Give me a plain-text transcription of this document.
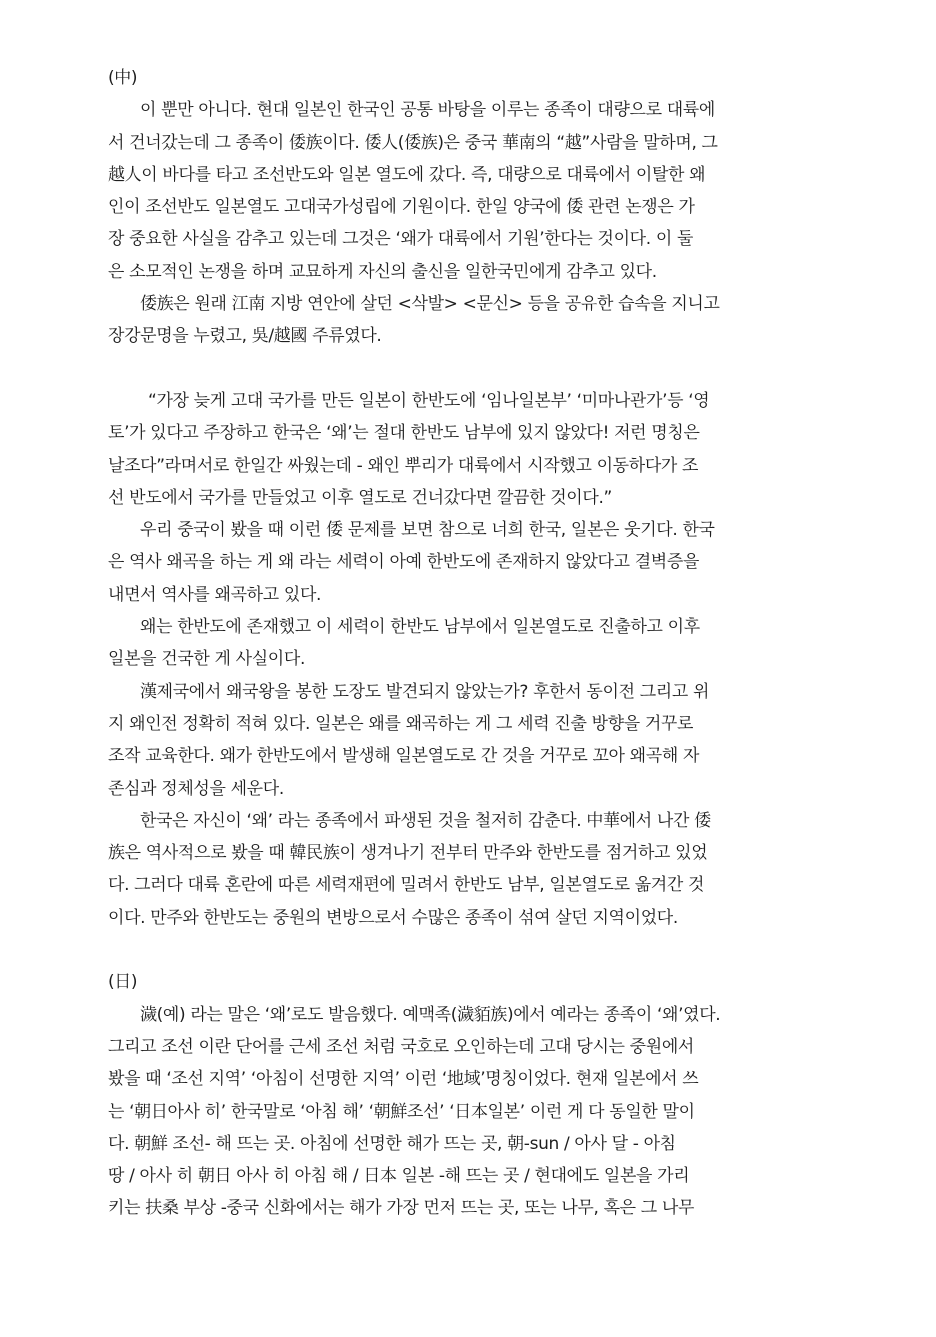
(中)
이 뿐만 아니다. 현대 일본인 한국인 공통 바탕을 이루는 종족이 대량으로 대륙에
서 건너갔는데 그 종족이 倭族이다. 倭人(倭族)은 중국 華南의 “越”사람을 말하며, 그
越人이 바다를 타고 조선반도와 일본 열도에 갔다. 즉, 대량으로 대륙에서 이탈한 왜
인이 조선반도 일본열도 고대국가성립에 기원이다. 한일 양국에 倭 관련 논쟁은 가
장 중요한 사실을 감추고 있는데 그것은 ‘왜가 대륙에서 기원’한다는 것이다. 이 둘
은 소모적인 논쟁을 하며 교묘하게 자신의 출신을 일한국민에게 감추고 있다.
倭族은 원래 江南 지방 연안에 살던 <삭발> <문신> 등을 공유한 습속을 지니고
장강문명을 누렸고, 吳/越國 주류였다.
“가장 늦게 고대 국가를 만든 일본이 한반도에 ‘임나일본부’ ‘미마나관가’등 ‘영
토’가 있다고 주장하고 한국은 ‘왜’는 절대 한반도 남부에 있지 않았다! 저런 명칭은
날조다”라며서로 한일간 싸웠는데 - 왜인 뿌리가 대륙에서 시작했고 이동하다가 조
선 반도에서 국가를 만들었고 이후 열도로 건너갔다면 깔끔한 것이다.”
우리 중국이 봤을 때 이런 倭 문제를 보면 참으로 너희 한국, 일본은 웃기다. 한국
은 역사 왜곡을 하는 게 왜 라는 세력이 아예 한반도에 존재하지 않았다고 결벽증을
내면서 역사를 왜곡하고 있다.
왜는 한반도에 존재했고 이 세력이 한반도 남부에서 일본열도로 진출하고 이후
일본을 건국한 게 사실이다.
漢제국에서 왜국왕을 봉한 도장도 발견되지 않았는가? 후한서 동이전 그리고 위
지 왜인전 정확히 적혀 있다. 일본은 왜를 왜곡하는 게 그 세력 진출 방향을 거꾸로
조작 교육한다. 왜가 한반도에서 발생해 일본열도로 간 것을 거꾸로 꼬아 왜곡해 자
존심과 정체성을 세운다.
한국은 자신이 ‘왜’ 라는 종족에서 파생된 것을 철저히 감춘다. 中華에서 나간 倭
族은 역사적으로 봤을 때 韓民族이 생겨나기 전부터 만주와 한반도를 점거하고 있었
다. 그러다 대륙 혼란에 따른 세력재편에 밀려서 한반도 남부, 일본열도로 옮겨간 것
이다. 만주와 한반도는 중원의 변방으로서 수많은 종족이 섞여 살던 지역이었다.
(日)
濊(예) 라는 말은 ‘왜’로도 발음했다. 예맥족(濊貊族)에서 예라는 종족이 ‘왜’였다.
그리고 조선 이란 단어를 근세 조선 처럼 국호로 오인하는데 고대 당시는 중원에서
봤을 때 ‘조선 지역’ ‘아침이 선명한 지역’ 이런 ‘地域’명칭이었다. 현재 일본에서 쓰
는 ‘朝日아사 히’ 한국말로 ‘아침 해’ ‘朝鮮조선’ ‘日本일본’ 이런 게 다 동일한 말이
다. 朝鮮 조선- 해 뜨는 곳. 아침에 선명한 해가 뜨는 곳, 朝-sun / 아사 달 - 아침
땅 / 아사 히 朝日 아사 히 아침 해 / 日本 일본 -해 뜨는 곳 / 현대에도 일본을 가리
키는 扶桑 부상 -중국 신화에서는 해가 가장 먼저 뜨는 곳, 또는 나무, 혹은 그 나무
